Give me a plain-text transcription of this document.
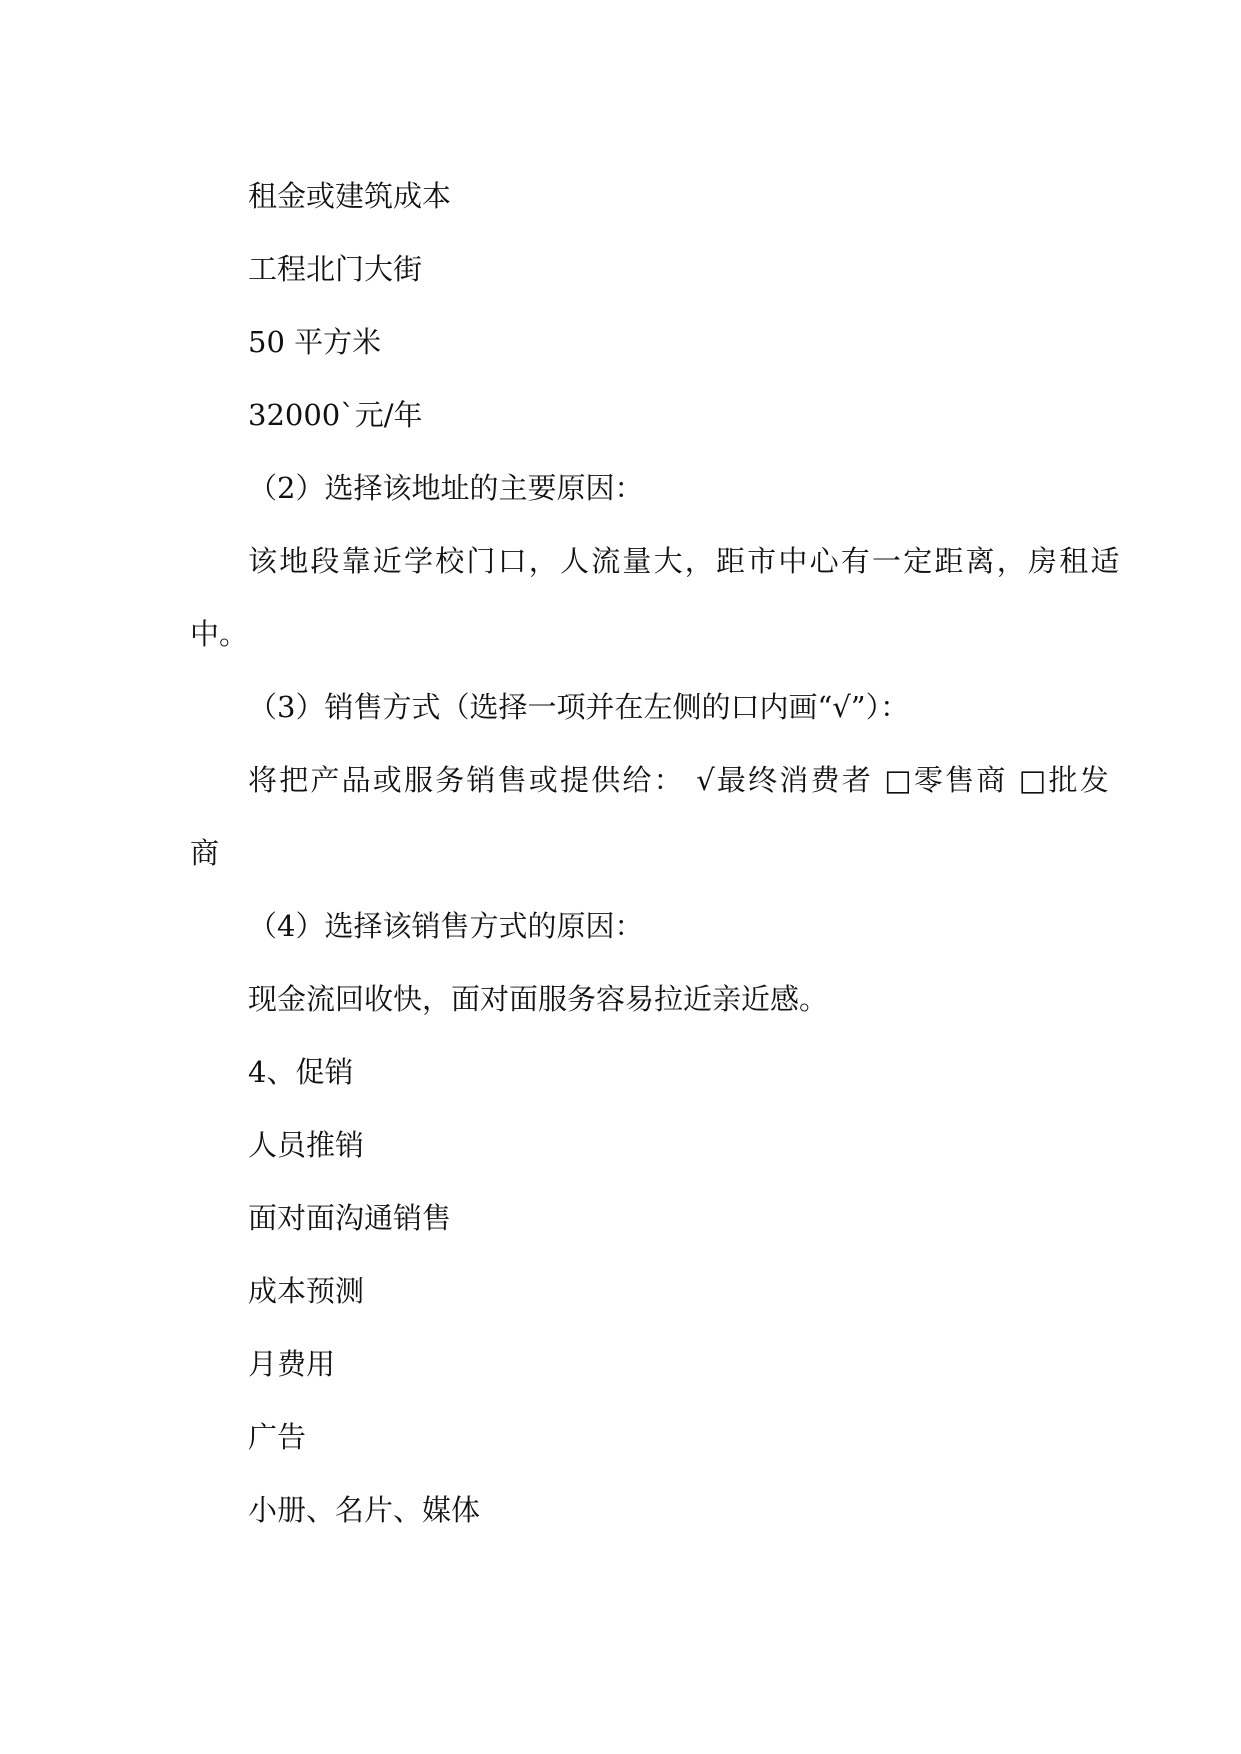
租金或建筑成本
工程北门大街
50 平方米
32000`元/年
（2）选择该地址的主要原因：
该地段靠近学校门口，人流量大，距市中心有一定距离，房租适
中。
（3）销售方式（选择一项并在左侧的口内画“√”）：
将把产品或服务销售或提供给： √最终消费者 □零售商 □批发
商
（4）选择该销售方式的原因：
现金流回收快，面对面服务容易拉近亲近感。
4、促销
人员推销
面对面沟通销售
成本预测
月费用
广告
小册、名片、媒体
